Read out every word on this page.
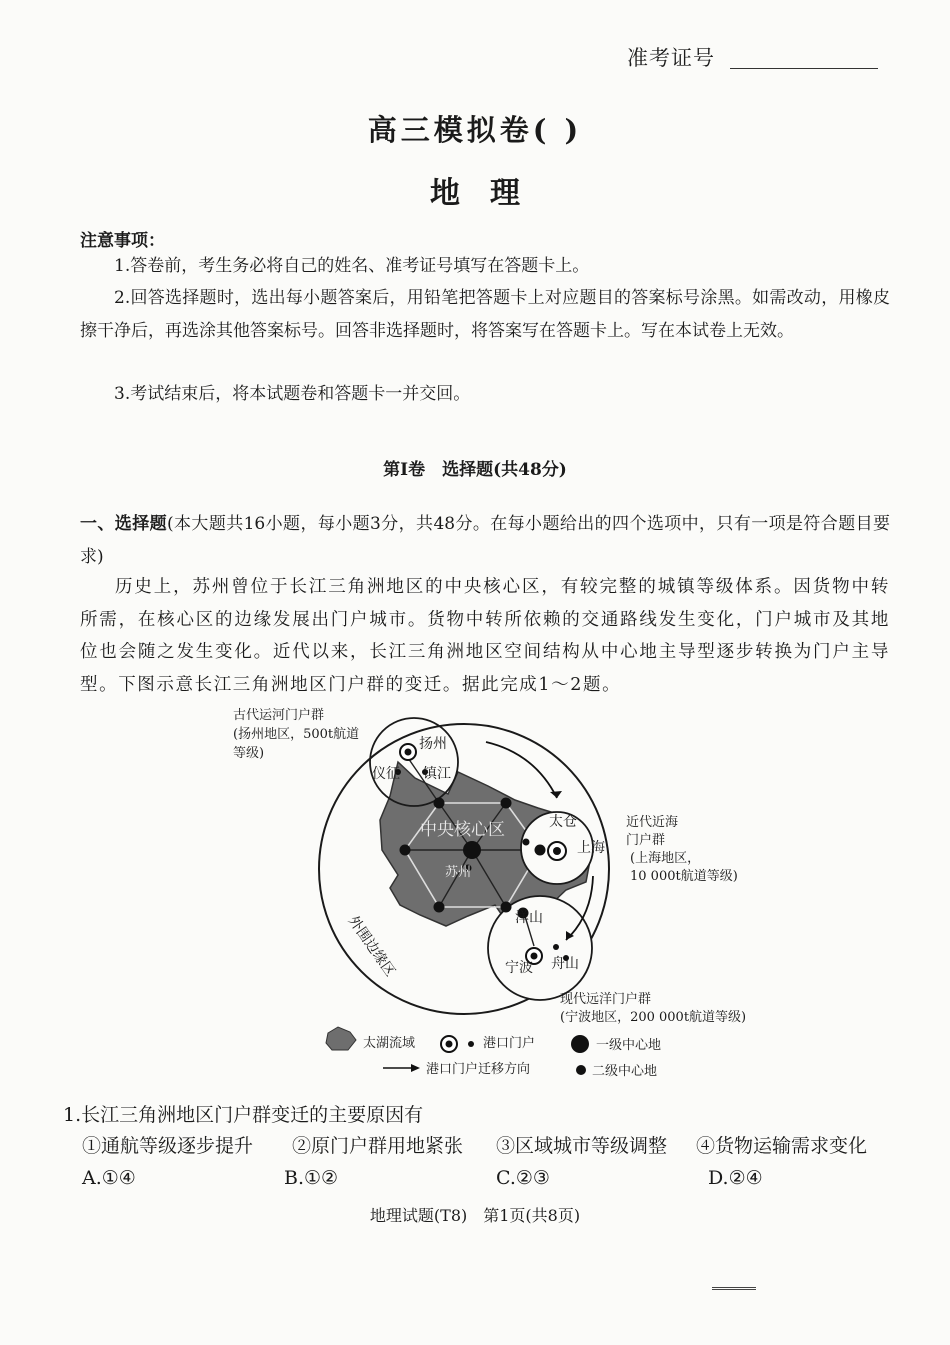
准考证号
高三模拟卷( )
地理
注意事项：

1.答卷前，考生务必将自己的姓名、准考证号填写在答题卡上。

2.回答选择题时，选出每小题答案后，用铅笔把答题卡上对应题目的答案标号涂黑。如需改动，用橡皮擦干净后，再选涂其他答案标号。回答非选择题时，将答案写在答题卡上。写在本试卷上无效。

3.考试结束后，将本试题卷和答题卡一并交回。

第Ⅰ卷　选择题(共48分)

一、选择题(本大题共16小题，每小题3分，共48分。在每小题给出的四个选项中，只有一项是符合题目要求)

历史上，苏州曾位于长江三角洲地区的中央核心区，有较完整的城镇等级体系。因货物中转所需，在核心区的边缘发展出门户城市。货物中转所依赖的交通路线发生变化，门户城市及其地位也会随之发生变化。近代以来，长江三角洲地区空间结构从中心地主导型逐步转换为门户主导型。下图示意长江三角洲地区门户群的变迁。据此完成1～2题。

古代运河门户群
(扬州地区，500t航道
等级)
近代近海
门户群
(上海地区，
10 000t航道等级)
现代远洋门户群
(宁波地区，200 000t航道等级)
扬州
仪征 镇江
太仓
上海
苏州
洋山
宁波 舟山
中央核心区
外围边缘区
太湖流域	港口门户	一级中心地
港口门户迁移方向	二级中心地
1.长江三角洲地区门户群变迁的主要原因有
①通航等级逐步提升 ②原门户群用地紧张 ③区域城市等级调整 ④货物运输需求变化
A.①④	B.①②	C.②③	D.②④
地理试题(T8)　第1页(共8页)
